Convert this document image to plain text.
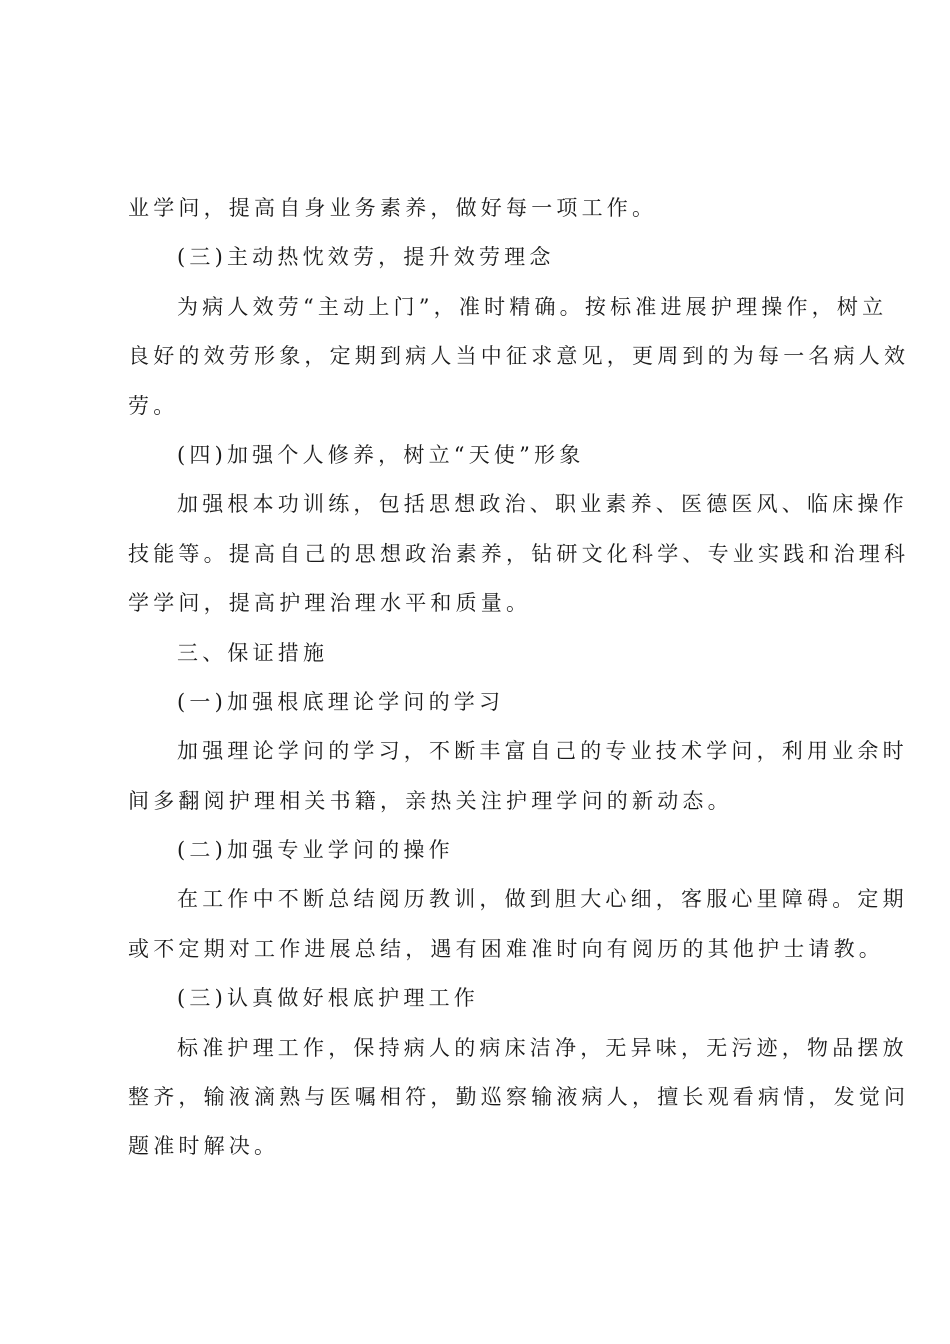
业学问，提高自身业务素养，做好每一项工作。
(三)主动热忱效劳，提升效劳理念
为病人效劳“主动上门”，准时精确。按标准进展护理操作，树立
良好的效劳形象，定期到病人当中征求意见，更周到的为每一名病人效
劳。
(四)加强个人修养，树立“天使”形象
加强根本功训练，包括思想政治、职业素养、医德医风、临床操作
技能等。提高自己的思想政治素养，钻研文化科学、专业实践和治理科
学学问，提高护理治理水平和质量。
三、保证措施
(一)加强根底理论学问的学习
加强理论学问的学习，不断丰富自己的专业技术学问，利用业余时
间多翻阅护理相关书籍，亲热关注护理学问的新动态。
(二)加强专业学问的操作
在工作中不断总结阅历教训，做到胆大心细，客服心里障碍。定期
或不定期对工作进展总结，遇有困难准时向有阅历的其他护士请教。
(三)认真做好根底护理工作
标准护理工作，保持病人的病床洁净，无异味，无污迹，物品摆放
整齐，输液滴熟与医嘱相符，勤巡察输液病人，擅长观看病情，发觉问
题准时解决。
